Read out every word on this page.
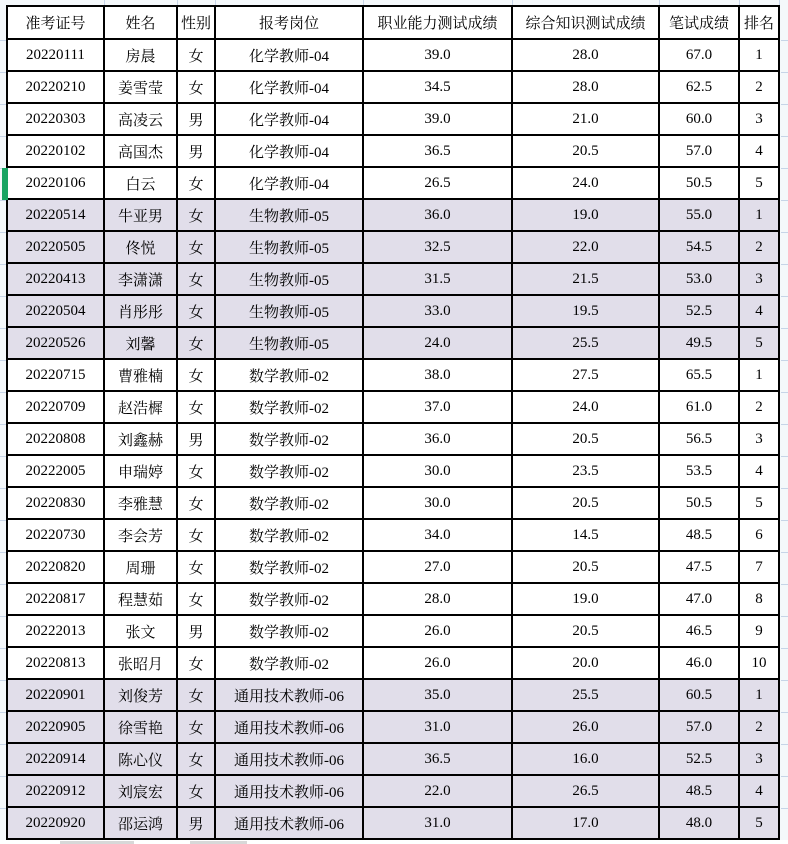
准考证号	姓名	性别	报考岗位	职业能力测试成绩	综合知识测试成绩	笔试成绩	排名
20220111	房晨	女	化学教师-04	39.0	28.0	67.0	1
20220210	姜雪莹	女	化学教师-04	34.5	28.0	62.5	2
20220303	高凌云	男	化学教师-04	39.0	21.0	60.0	3
20220102	高国杰	男	化学教师-04	36.5	20.5	57.0	4
20220106	白云	女	化学教师-04	26.5	24.0	50.5	5
20220514	牛亚男	女	生物教师-05	36.0	19.0	55.0	1
20220505	佟悦	女	生物教师-05	32.5	22.0	54.5	2
20220413	李潇潇	女	生物教师-05	31.5	21.5	53.0	3
20220504	肖彤彤	女	生物教师-05	33.0	19.5	52.5	4
20220526	刘馨	女	生物教师-05	24.0	25.5	49.5	5
20220715	曹雅楠	女	数学教师-02	38.0	27.5	65.5	1
20220709	赵浩樨	女	数学教师-02	37.0	24.0	61.0	2
20220808	刘鑫赫	男	数学教师-02	36.0	20.5	56.5	3
20222005	申瑞婷	女	数学教师-02	30.0	23.5	53.5	4
20220830	李雅慧	女	数学教师-02	30.0	20.5	50.5	5
20220730	李会芳	女	数学教师-02	34.0	14.5	48.5	6
20220820	周珊	女	数学教师-02	27.0	20.5	47.5	7
20220817	程慧茹	女	数学教师-02	28.0	19.0	47.0	8
20222013	张文	男	数学教师-02	26.0	20.5	46.5	9
20220813	张昭月	女	数学教师-02	26.0	20.0	46.0	10
20220901	刘俊芳	女	通用技术教师-06	35.0	25.5	60.5	1
20220905	徐雪艳	女	通用技术教师-06	31.0	26.0	57.0	2
20220914	陈心仪	女	通用技术教师-06	36.5	16.0	52.5	3
20220912	刘宸宏	女	通用技术教师-06	22.0	26.5	48.5	4
20220920	邵运鸿	男	通用技术教师-06	31.0	17.0	48.0	5
